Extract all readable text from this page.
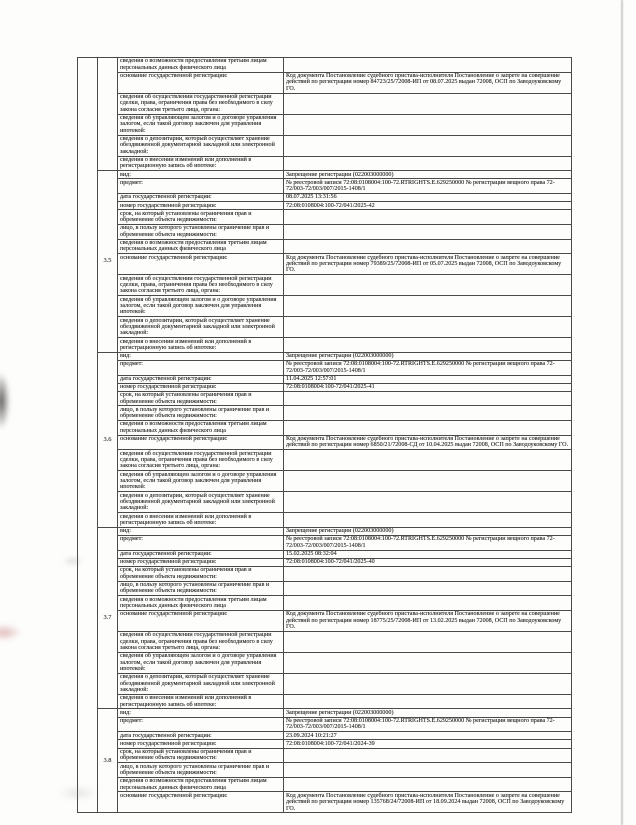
		сведения о возможности предоставления третьим лицам персональных данных физического лица	
		основание государственной регистрации:	Код документа Постановление судебного пристава-исполнителя Постановление о запрете на совершение действий по регистрации номер 84723/25/72008-ИП от 08.07.2025 выдан 72008, ОСП по Заводоуковскому ГО.
		сведения об осуществлении государственной регистрации сделки, права, ограничения права без необходимого в силу закона согласия третьего лица, органа:	
		сведения об управляющем залогом и о договоре управления залогом, если такой договор заключен для управления ипотекой:	
		сведения о депозитарии, который осуществляет хранение обездвиженной документарной закладной или электронной закладной:	
		сведения о внесении изменений или дополнений в регистрационную запись об ипотеке:	
	3.5	вид:	Запрещение регистрации (022003000000)
		предмет:	№ реестровой записи 72:08:0108004:100-72.RTRIGHTS.E.629250000 № регистрации вещного права 72-72/003-72/003/007/2015-1408/1
		дата государственной регистрации:	08.07.2025 13:31:56
		номер государственной регистрации:	72:08:0108004:100-72/041/2025-42
		срок, на который установлены ограничения прав и обременение объекта недвижимости:	
		лицо, в пользу которого установлены ограничение прав и обременение объекта недвижимости:	
		сведения о возможности предоставления третьим лицам персональных данных физического лица	
		основание государственной регистрации:	Код документа Постановление судебного пристава-исполнителя Постановление о запрете на совершение действий по регистрации номер 79389/25/72008-ИП от 05.07.2025 выдан 72008, ОСП по Заводоуковскому ГО.
		сведения об осуществлении государственной регистрации сделки, права, ограничения права без необходимого в силу закона согласия третьего лица, органа:	
		сведения об управляющем залогом и о договоре управления залогом, если такой договор заключен для управления ипотекой:	
		сведения о депозитарии, который осуществляет хранение обездвиженной документарной закладной или электронной закладной:	
		сведения о внесении изменений или дополнений в регистрационную запись об ипотеке:	
	3.6	вид:	Запрещение регистрации (022003000000)
		предмет:	№ реестровой записи 72:08:0108004:100-72.RTRIGHTS.E.629250000 № регистрации вещного права 72-72/003-72/003/007/2015-1408/1
		дата государственной регистрации:	11.04.2025 12:57:01
		номер государственной регистрации:	72:08:0108004:100-72/041/2025-41
		срок, на который установлены ограничения прав и обременение объекта недвижимости:	
		лицо, в пользу которого установлены ограничение прав и обременение объекта недвижимости:	
		сведения о возможности предоставления третьим лицам персональных данных физического лица	
		основание государственной регистрации:	Код документа Постановление судебного пристава-исполнителя Постановление о запрете на совершение действий по регистрации номер 6850/21/72008-СД от 10.04.2025 выдан 72008, ОСП по Заводоуковскому ГО.
		сведения об осуществлении государственной регистрации сделки, права, ограничения права без необходимого в силу закона согласия третьего лица, органа:	
		сведения об управляющем залогом и о договоре управления залогом, если такой договор заключен для управления ипотекой:	
		сведения о депозитарии, который осуществляет хранение обездвиженной документарной закладной или электронной закладной:	
		сведения о внесении изменений или дополнений в регистрационную запись об ипотеке:	
	3.7	вид:	Запрещение регистрации (022003000000)
		предмет:	№ реестровой записи 72:08:0108004:100-72.RTRIGHTS.E.629250000 № регистрации вещного права 72-72/003-72/003/007/2015-1408/1
		дата государственной регистрации:	15.02.2025 08:32:04
		номер государственной регистрации:	72:08:0108004:100-72/041/2025-40
		срок, на который установлены ограничения прав и обременение объекта недвижимости:	
		лицо, в пользу которого установлены ограничение прав и обременение объекта недвижимости:	
		сведения о возможности предоставления третьим лицам персональных данных физического лица	
		основание государственной регистрации:	Код документа Постановление судебного пристава-исполнителя Постановление о запрете на совершение действий по регистрации номер 18775/25/72008-ИП от 13.02.2025 выдан 72008, ОСП по Заводоуковскому ГО.
		сведения об осуществлении государственной регистрации сделки, права, ограничения права без необходимого в силу закона согласия третьего лица, органа:	
		сведения об управляющем залогом и о договоре управления залогом, если такой договор заключен для управления ипотекой:	
		сведения о депозитарии, который осуществляет хранение обездвиженной документарной закладной или электронной закладной:	
		сведения о внесении изменений или дополнений в регистрационную запись об ипотеке:	
	3.8	вид:	Запрещение регистрации (022003000000)
		предмет:	№ реестровой записи 72:08:0108004:100-72.RTRIGHTS.E.629250000 № регистрации вещного права 72-72/003-72/003/007/2015-1408/1
		дата государственной регистрации:	23.09.2024 10:21:27
		номер государственной регистрации:	72:08:0108004:100-72/041/2024-39
		срок, на который установлены ограничения прав и обременение объекта недвижимости:	
		лицо, в пользу которого установлены ограничение прав и обременение объекта недвижимости:	
		сведения о возможности предоставления третьим лицам персональных данных физического лица	
		основание государственной регистрации:	Код документа Постановление судебного пристава-исполнителя Постановление о запрете на совершение действий по регистрации номер 135768/24/72008-ИП от 18.09.2024 выдан 72008, ОСП по Заводоуковскому ГО.
